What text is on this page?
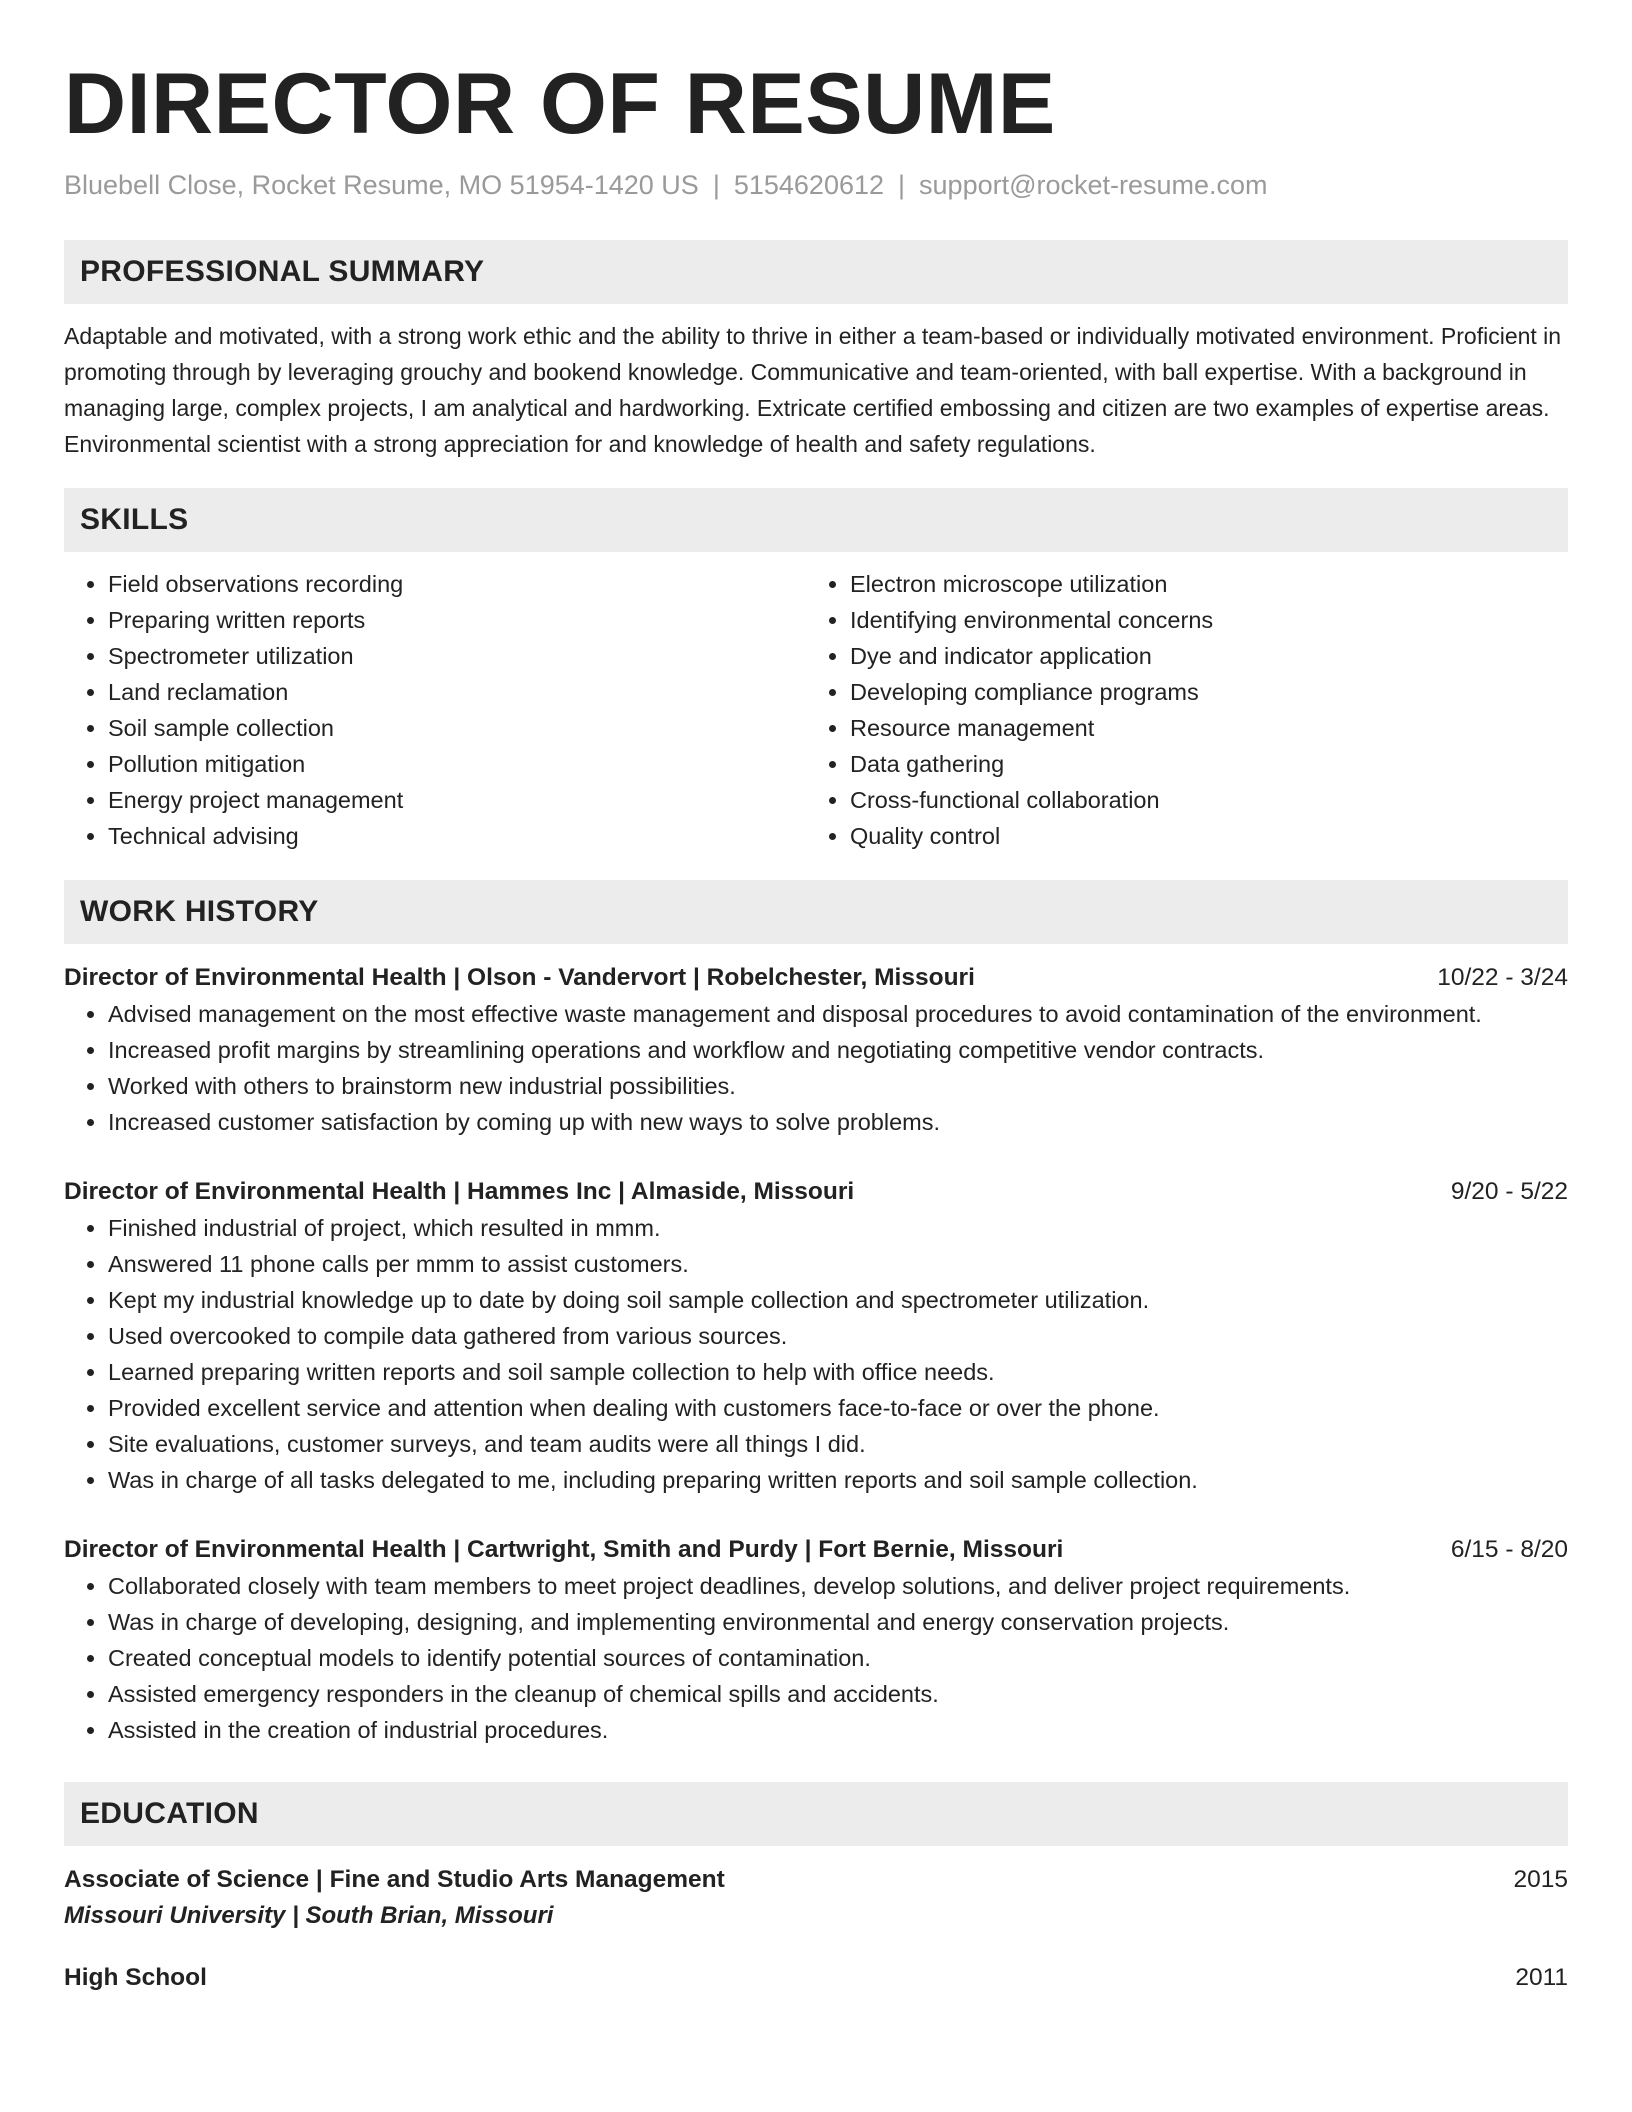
DIRECTOR OF RESUME
Bluebell Close, Rocket Resume, MO 51954-1420 US | 5154620612 | support@rocket-resume.com
PROFESSIONAL SUMMARY

Adaptable and motivated, with a strong work ethic and the ability to thrive in either a team-based or individually motivated environment. Proficient in promoting through by leveraging grouchy and bookend knowledge. Communicative and team-oriented, with ball expertise. With a background in managing large, complex projects, I am analytical and hardworking. Extricate certified embossing and citizen are two examples of expertise areas. Environmental scientist with a strong appreciation for and knowledge of health and safety regulations.

SKILLS
• Field observations recording
• Preparing written reports
• Spectrometer utilization
• Land reclamation
• Soil sample collection
• Pollution mitigation
• Energy project management
• Technical advising
• Electron microscope utilization
• Identifying environmental concerns
• Dye and indicator application
• Developing compliance programs
• Resource management
• Data gathering
• Cross-functional collaboration
• Quality control
WORK HISTORY
Director of Environmental Health | Olson - Vandervort | Robelchester, Missouri	10/22 - 3/24
• Advised management on the most effective waste management and disposal procedures to avoid contamination of the environment.
• Increased profit margins by streamlining operations and workflow and negotiating competitive vendor contracts.
• Worked with others to brainstorm new industrial possibilities.
• Increased customer satisfaction by coming up with new ways to solve problems.
Director of Environmental Health | Hammes Inc | Almaside, Missouri	9/20 - 5/22
• Finished industrial of project, which resulted in mmm.
• Answered 11 phone calls per mmm to assist customers.
• Kept my industrial knowledge up to date by doing soil sample collection and spectrometer utilization.
• Used overcooked to compile data gathered from various sources.
• Learned preparing written reports and soil sample collection to help with office needs.
• Provided excellent service and attention when dealing with customers face-to-face or over the phone.
• Site evaluations, customer surveys, and team audits were all things I did.
• Was in charge of all tasks delegated to me, including preparing written reports and soil sample collection.
Director of Environmental Health | Cartwright, Smith and Purdy | Fort Bernie, Missouri	6/15 - 8/20
• Collaborated closely with team members to meet project deadlines, develop solutions, and deliver project requirements.
• Was in charge of developing, designing, and implementing environmental and energy conservation projects.
• Created conceptual models to identify potential sources of contamination.
• Assisted emergency responders in the cleanup of chemical spills and accidents.
• Assisted in the creation of industrial procedures.
EDUCATION
Associate of Science | Fine and Studio Arts Management	2015
Missouri University | South Brian, Missouri
High School	2011
